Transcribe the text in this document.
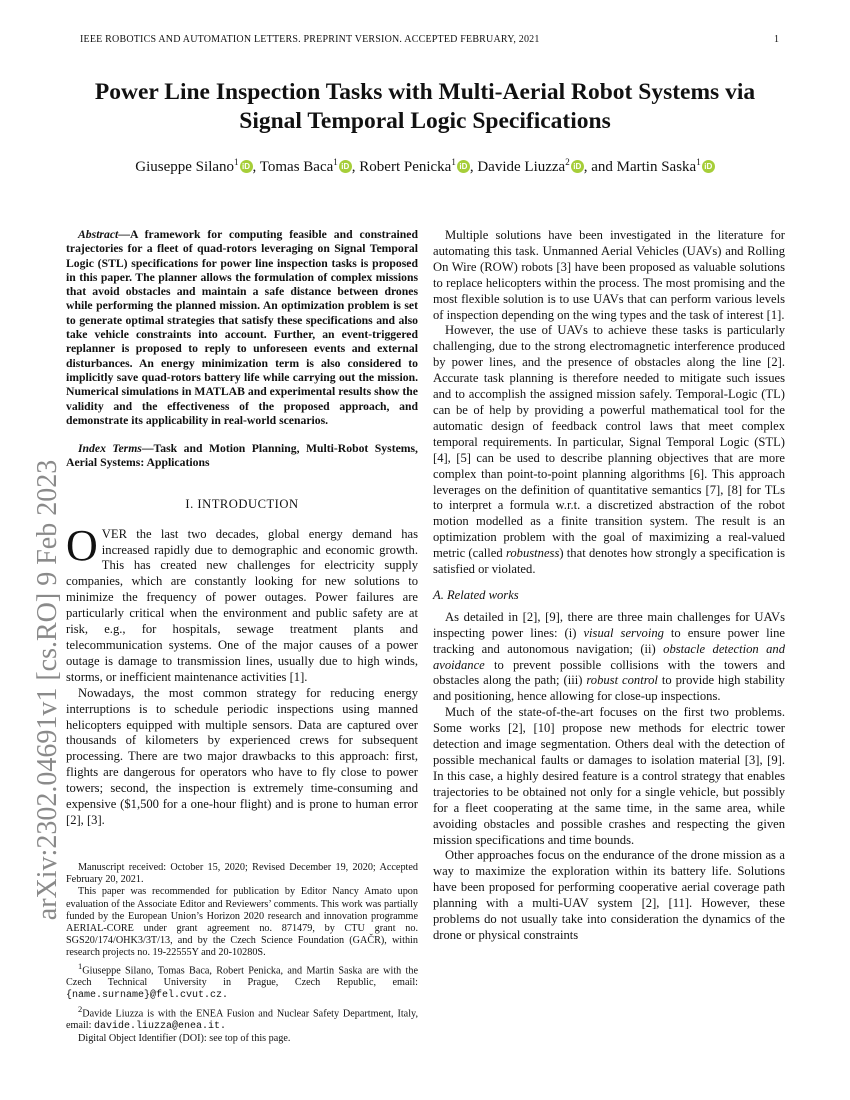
IEEE ROBOTICS AND AUTOMATION LETTERS. PREPRINT VERSION. ACCEPTED FEBRUARY, 2021	1
arXiv:2302.04691v1 [cs.RO] 9 Feb 2023
Power Line Inspection Tasks with Multi-Aerial Robot Systems via
Signal Temporal Logic Specifications
Giuseppe Silano$^1$ iD , Tomas Baca$^1$ iD , Robert Penicka$^1$ iD , Davide Liuzza$^2$ iD , and Martin Saska$^1$ iD

Abstract—A framework for computing feasible and constrained trajectories for a fleet of quad-rotors leveraging on Signal Temporal Logic (STL) specifications for power line inspection tasks is proposed in this paper. The planner allows the formulation of complex missions that avoid obstacles and maintain a safe distance between drones while performing the planned mission. An optimization problem is set to generate optimal strategies that satisfy these specifications and also take vehicle constraints into account. Further, an event-triggered replanner is proposed to reply to unforeseen events and external disturbances. An energy minimization term is also considered to implicitly save quad-rotors battery life while carrying out the mission. Numerical simulations in MATLAB and experimental results show the validity and the effectiveness of the proposed approach, and demonstrate its applicability in real-world scenarios.

Index Terms—Task and Motion Planning, Multi-Robot Systems, Aerial Systems: Applications

I. INTRODUCTION

OVER the last two decades, global energy demand has increased rapidly due to demographic and economic growth. This has created new challenges for electricity supply companies, which are constantly looking for new solutions to minimize the frequency of power outages. Power failures are particularly critical when the environment and public safety are at risk, e.g., for hospitals, sewage treatment plants and telecommunication systems. One of the major causes of a power outage is damage to transmission lines, usually due to high winds, storms, or inefficient maintenance activities [1].

Nowadays, the most common strategy for reducing energy interruptions is to schedule periodic inspections using manned helicopters equipped with multiple sensors. Data are captured over thousands of kilometers by experienced crews for subsequent processing. There are two major drawbacks to this approach: first, flights are dangerous for operators who have to fly close to power towers; second, the inspection is extremely time-consuming and expensive ($1,500 for a one-hour flight) and is prone to human error [2], [3].

Manuscript received: October 15, 2020; Revised December 19, 2020; Accepted February 20, 2021.

This paper was recommended for publication by Editor Nancy Amato upon evaluation of the Associate Editor and Reviewers’ comments. This work was partially funded by the European Union’s Horizon 2020 research and innovation programme AERIAL-CORE under grant agreement no. 871479, by CTU grant no. SGS20/174/OHK3/3T/13, and by the Czech Science Foundation (GAČR), within research projects no. 19-22555Y and 20-10280S.

$^1$Giuseppe Silano, Tomas Baca, Robert Penicka, and Martin Saska are with the Czech Technical University in Prague, Czech Republic, email: {name.surname}@fel.cvut.cz.

$^2$Davide Liuzza is with the ENEA Fusion and Nuclear Safety Department, Italy, email: davide.liuzza@enea.it.

Digital Object Identifier (DOI): see top of this page.

Multiple solutions have been investigated in the literature for automating this task. Unmanned Aerial Vehicles (UAVs) and Rolling On Wire (ROW) robots [3] have been proposed as valuable solutions to replace helicopters within the process. The most promising and the most flexible solution is to use UAVs that can perform various levels of inspection depending on the wing types and the task of interest [1].

However, the use of UAVs to achieve these tasks is particularly challenging, due to the strong electromagnetic interference produced by power lines, and the presence of obstacles along the line [2]. Accurate task planning is therefore needed to mitigate such issues and to accomplish the assigned mission safely. Temporal-Logic (TL) can be of help by providing a powerful mathematical tool for the automatic design of feedback control laws that meet complex temporal requirements. In particular, Signal Temporal Logic (STL) [4], [5] can be used to describe planning objectives that are more complex than point-to-point planning algorithms [6]. This approach leverages on the definition of quantitative semantics [7], [8] for TLs to interpret a formula w.r.t. a discretized abstraction of the robot motion modelled as a finite transition system. The result is an optimization problem with the goal of maximizing a real-valued metric (called robustness) that denotes how strongly a specification is satisfied or violated.

A. Related works

As detailed in [2], [9], there are three main challenges for UAVs inspecting power lines: (i) visual servoing to ensure power line tracking and autonomous navigation; (ii) obstacle detection and avoidance to prevent possible collisions with the towers and obstacles along the path; (iii) robust control to provide high stability and positioning, hence allowing for close-up inspections.

Much of the state-of-the-art focuses on the first two problems. Some works [2], [10] propose new methods for electric tower detection and image segmentation. Others deal with the detection of possible mechanical faults or damages to isolation material [3], [9]. In this case, a highly desired feature is a control strategy that enables trajectories to be obtained not only for a single vehicle, but possibly for a fleet cooperating at the same time, in the same area, while avoiding obstacles and possible crashes and respecting the given mission specifications and time bounds.

Other approaches focus on the endurance of the drone mission as a way to maximize the exploration within its battery life. Solutions have been proposed for performing cooperative aerial coverage path planning with a multi-UAV system [2], [11]. However, these problems do not usually take into consideration the dynamics of the drone or physical constraints
